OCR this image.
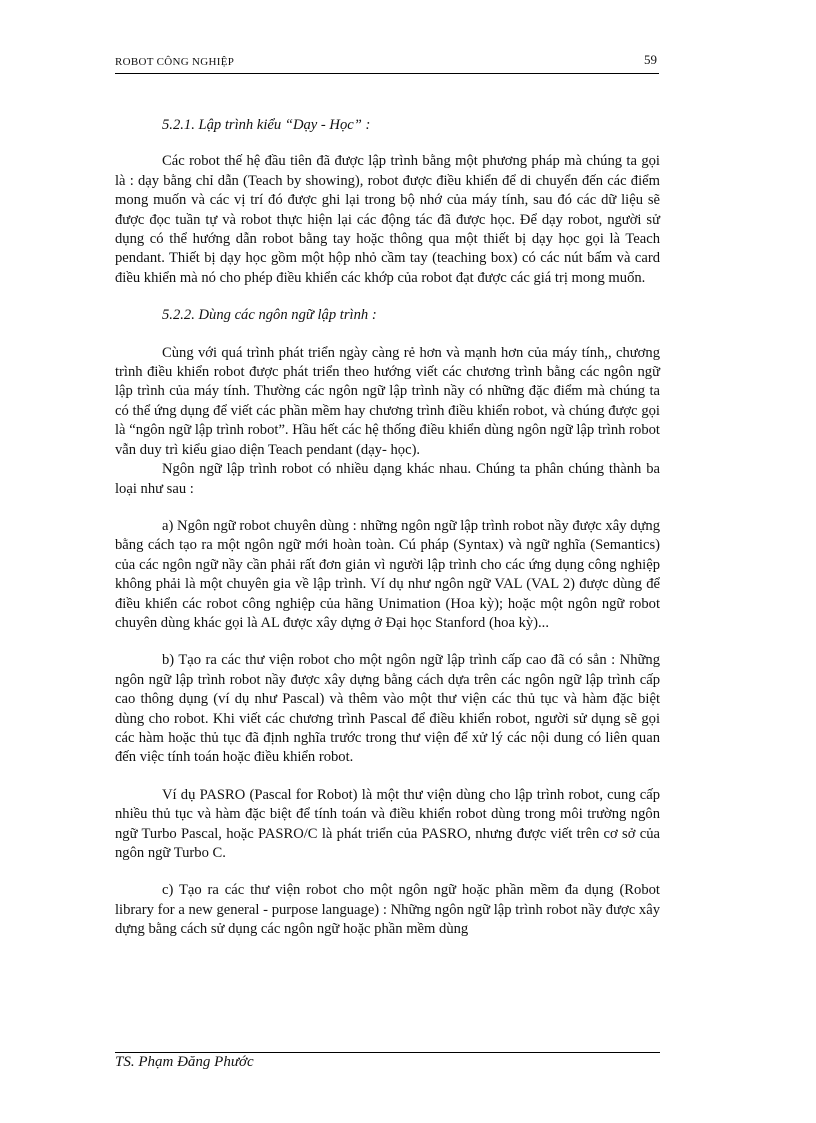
ROBOT CÔNG NGHIỆP	59

5.2.1. Lập trình kiểu “Dạy - Học” :

Các robot thế hệ đầu tiên đã được lập trình bằng một phương pháp mà chúng ta gọi là : dạy bằng chỉ dẫn (Teach by showing), robot được điều khiển để di chuyển đến các điểm mong muốn và các vị trí đó được ghi lại trong bộ nhớ của máy tính, sau đó các dữ liệu sẽ được đọc tuần tự và robot thực hiện lại các động tác đã được học. Để dạy robot, người sử dụng có thể hướng dẫn robot bằng tay hoặc thông qua một thiết bị dạy học gọi là Teach pendant. Thiết bị dạy học gồm một hộp nhỏ cầm tay (teaching box) có các nút bấm và card điều khiển mà nó cho phép điều khiển các khớp của robot đạt được các giá trị mong muốn.

5.2.2. Dùng các ngôn ngữ lập trình :

Cùng với quá trình phát triển ngày càng rẻ hơn và mạnh hơn của máy tính,, chương trình điều khiển robot được phát triển theo hướng viết các chương trình bằng các ngôn ngữ lập trình của máy tính. Thường các ngôn ngữ lập trình nầy có những đặc điểm mà chúng ta có thể ứng dụng để viết các phần mềm hay chương trình điều khiển robot, và chúng được gọi là “ngôn ngữ lập trình robot”. Hầu hết các hệ thống điều khiển dùng ngôn ngữ lập trình robot vẫn duy trì kiểu giao diện Teach pendant (dạy- học).

Ngôn ngữ lập trình robot có nhiều dạng khác nhau. Chúng ta phân chúng thành ba loại như sau :

a) Ngôn ngữ robot chuyên dùng : những ngôn ngữ lập trình robot nầy được xây dựng bằng cách tạo ra một ngôn ngữ mới hoàn toàn. Cú pháp (Syntax) và ngữ nghĩa (Semantics) của các ngôn ngữ nầy cần phải rất đơn giản vì người lập trình cho các ứng dụng công nghiệp không phải là một chuyên gia về lập trình. Ví dụ như ngôn ngữ VAL (VAL 2) được dùng để điều khiển các robot công nghiệp của hãng Unimation (Hoa kỳ); hoặc một ngôn ngữ robot chuyên dùng khác gọi là AL được xây dựng ở Đại học Stanford (hoa kỳ)...

b) Tạo ra các thư viện robot cho một ngôn ngữ lập trình cấp cao đã có sẳn : Những ngôn ngữ lập trình robot nầy được xây dựng bằng cách dựa trên các ngôn ngữ lập trình cấp cao thông dụng (ví dụ như Pascal) và thêm vào một thư viện các thủ tục và hàm đặc biệt dùng cho robot. Khi viết các chương trình Pascal để điều khiển robot, người sử dụng sẽ gọi các hàm hoặc thủ tục đã định nghĩa trước trong thư viện để xử lý các nội dung có liên quan đến việc tính toán hoặc điều khiển robot.

Ví dụ PASRO (Pascal for Robot) là một thư viện dùng cho lập trình robot, cung cấp nhiều thủ tục và hàm đặc biệt để tính toán và điều khiển robot dùng trong môi trường ngôn ngữ Turbo Pascal, hoặc PASRO/C là phát triển của PASRO, nhưng được viết trên cơ sở của ngôn ngữ Turbo C.

c) Tạo ra các thư viện robot cho một ngôn ngữ hoặc phần mềm đa dụng (Robot library for a new general - purpose language) : Những ngôn ngữ lập trình robot nầy được xây dựng bằng cách sử dụng các ngôn ngữ hoặc phần mềm dùng

TS. Phạm Đăng Phước
